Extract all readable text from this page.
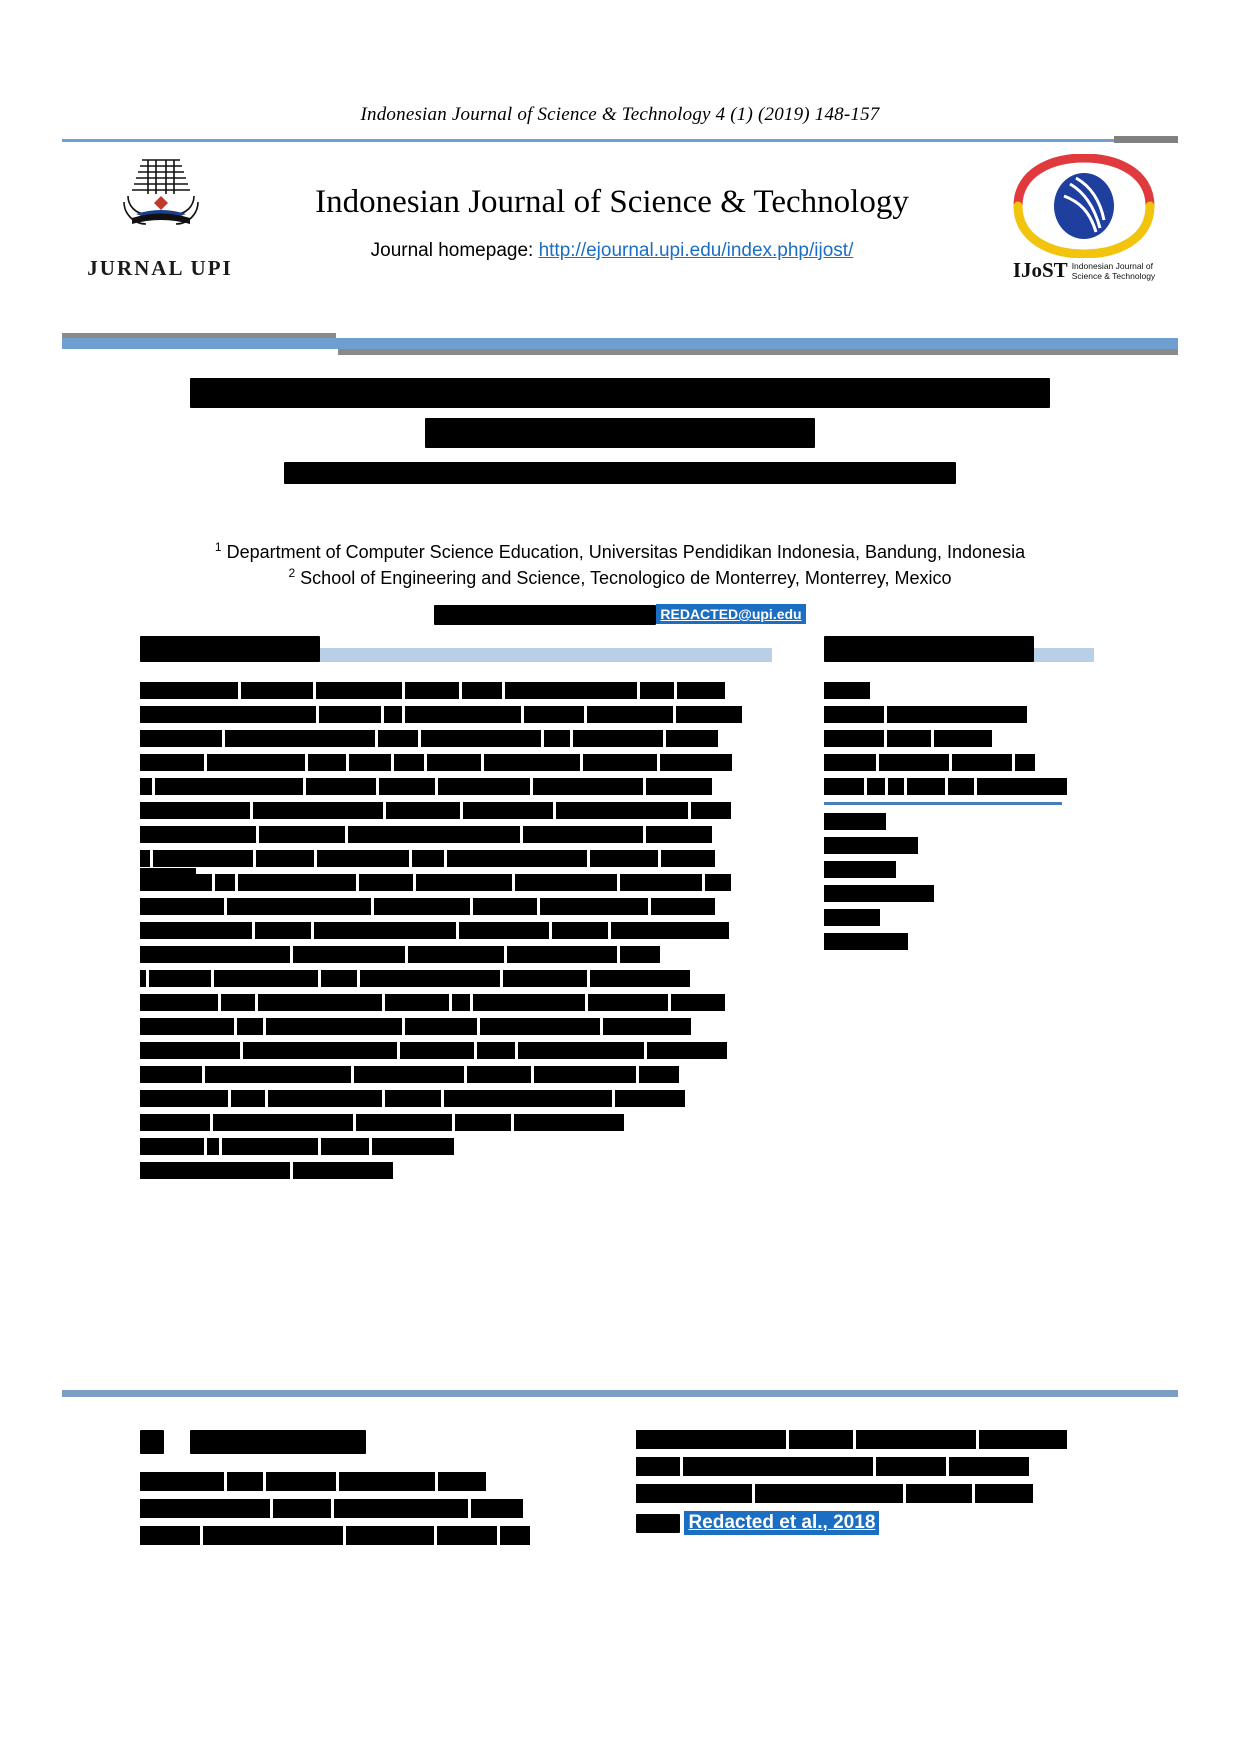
Indonesian Journal of Science & Technology 4 (1) (2019) 148-157
JURNAL UPI
Indonesian Journal of Science & Technology
Journal homepage: http://ejournal.upi.edu/index.php/ijost/
IJoST Indonesian Journal of
Science & Technology
$^1$ Department of Computer Science Education, Universitas Pendidikan Indonesia, Bandung, Indonesia
$^2$ School of Engineering and Science, Tecnologico de Monterrey, Monterrey, Mexico
REDACTED@upi.edu

Redacted et al., 2018
